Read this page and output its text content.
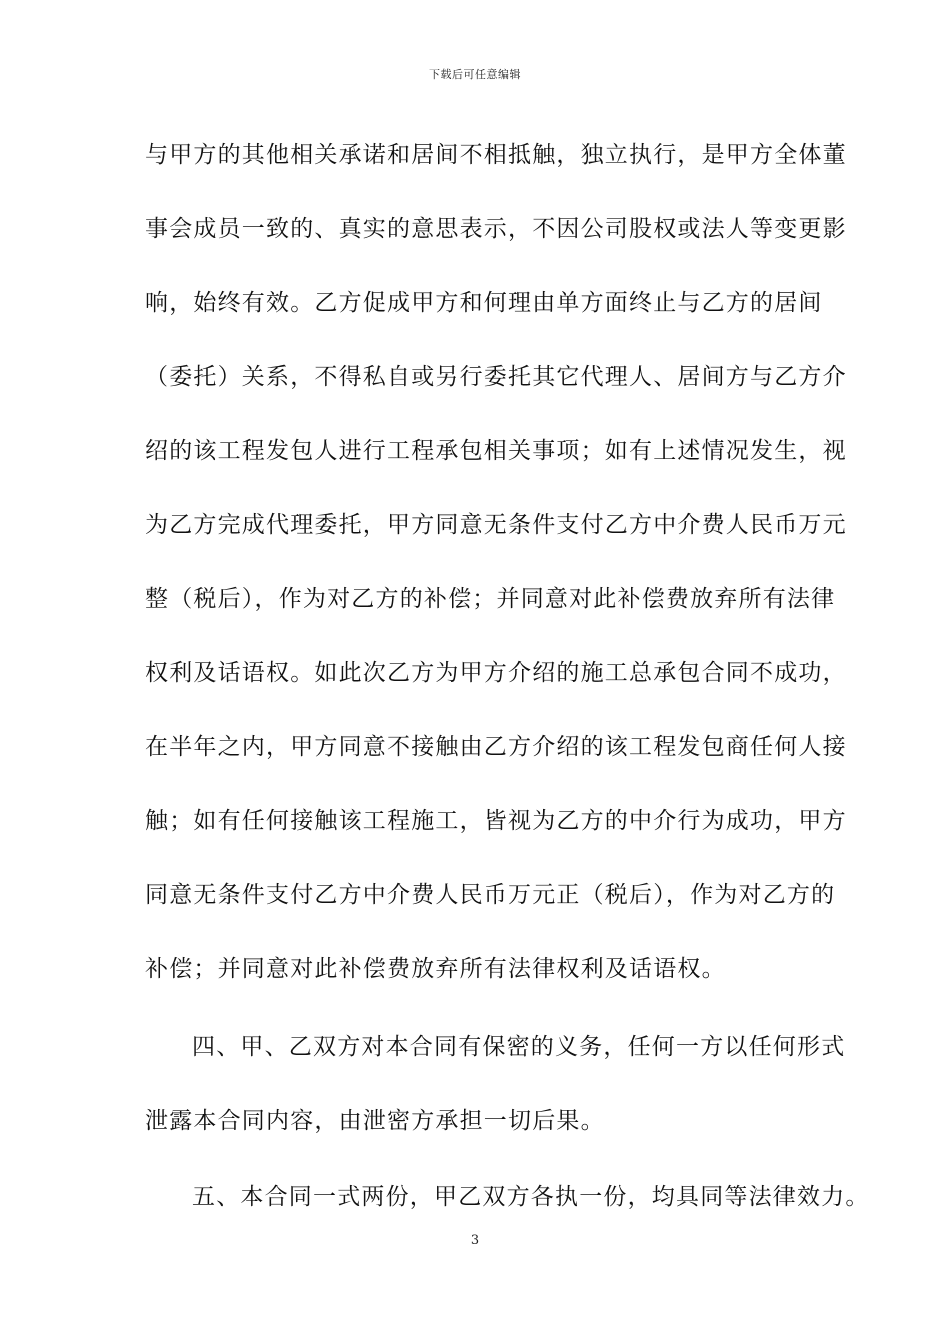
下载后可任意编辑
与甲方的其他相关承诺和居间不相抵触，独立执行，是甲方全体董
事会成员一致的、真实的意思表示，不因公司股权或法人等变更影
响，始终有效。乙方促成甲方和何理由单方面终止与乙方的居间
（委托）关系，不得私自或另行委托其它代理人、居间方与乙方介
绍的该工程发包人进行工程承包相关事项；如有上述情况发生，视
为乙方完成代理委托，甲方同意无条件支付乙方中介费人民币万元
整（税后），作为对乙方的补偿；并同意对此补偿费放弃所有法律
权利及话语权。如此次乙方为甲方介绍的施工总承包合同不成功，
在半年之内，甲方同意不接触由乙方介绍的该工程发包商任何人接
触；如有任何接触该工程施工，皆视为乙方的中介行为成功，甲方
同意无条件支付乙方中介费人民币万元正（税后），作为对乙方的
补偿；并同意对此补偿费放弃所有法律权利及话语权。
四、甲、乙双方对本合同有保密的义务，任何一方以任何形式
泄露本合同内容，由泄密方承担一切后果。
五、本合同一式两份，甲乙双方各执一份，均具同等法律效力。
3
